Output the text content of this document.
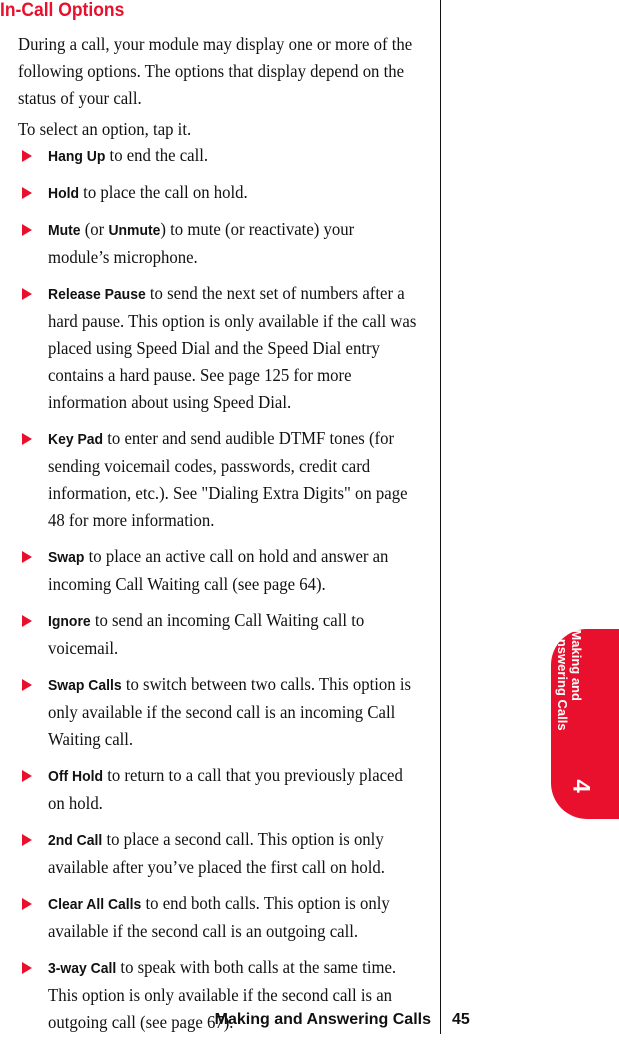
In-Call Options

During a call, your module may display one or more of the
following options. The options that display depend on the
status of your call.

To select an option, tap it.

Hang Up to end the call.
Hold to place the call on hold.
Mute (or Unmute) to mute (or reactivate) your
module’s microphone.
Release Pause to send the next set of numbers after a
hard pause. This option is only available if the call was
placed using Speed Dial and the Speed Dial entry
contains a hard pause. See page 125 for more
information about using Speed Dial.
Key Pad to enter and send audible DTMF tones (for
sending voicemail codes, passwords, credit card
information, etc.). See "Dialing Extra Digits" on page
48 for more information.
Swap to place an active call on hold and answer an
incoming Call Waiting call (see page 64).
Ignore to send an incoming Call Waiting call to
voicemail.
Swap Calls to switch between two calls. This option is
only available if the second call is an incoming Call
Waiting call.
Off Hold to return to a call that you previously placed
on hold.
2nd Call to place a second call. This option is only
available after you’ve placed the first call on hold.
Clear All Calls to end both calls. This option is only
available if the second call is an outgoing call.
3-way Call to speak with both calls at the same time.
This option is only available if the second call is an
outgoing call (see page 67).
Making and
Answering Calls
4
Making and Answering Calls 45
